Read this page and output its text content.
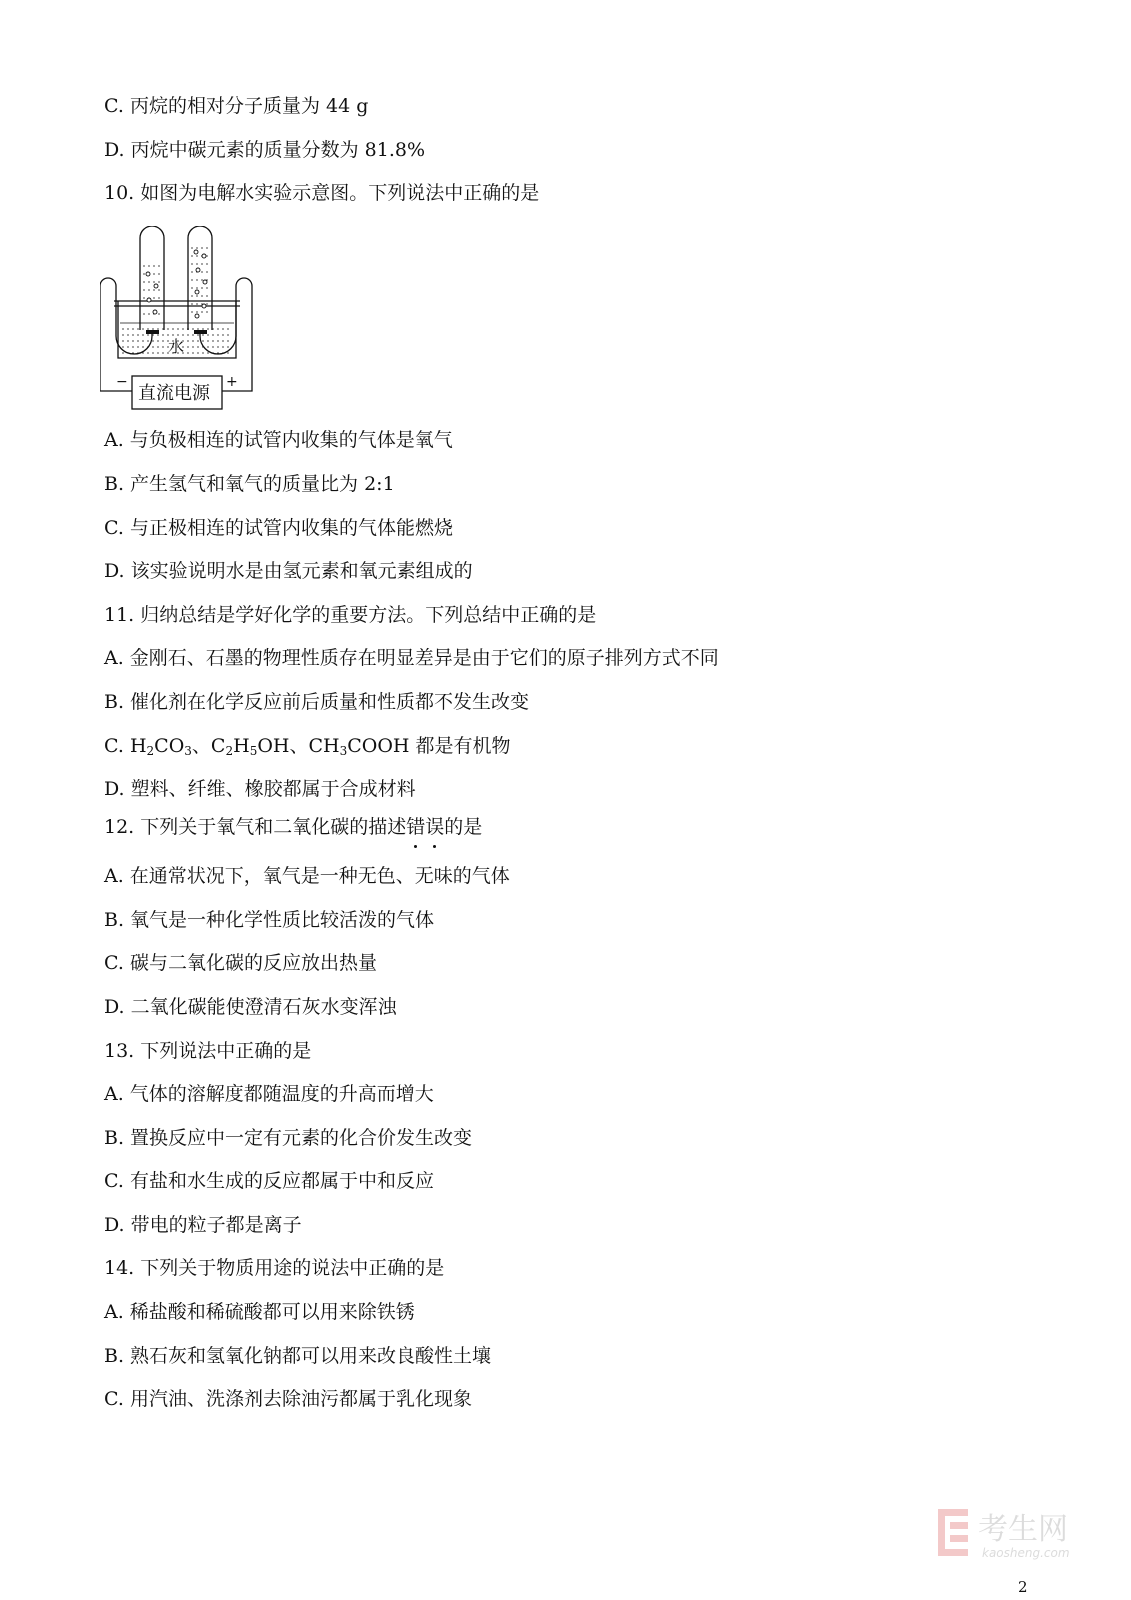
C. 丙烷的相对分子质量为 44 g
D. 丙烷中碳元素的质量分数为 81.8%
10. 如图为电解水实验示意图。下列说法中正确的是
水
−	+
直流电源
A. 与负极相连的试管内收集的气体是氧气
B. 产生氢气和氧气的质量比为 2:1
C. 与正极相连的试管内收集的气体能燃烧
D. 该实验说明水是由氢元素和氧元素组成的
11. 归纳总结是学好化学的重要方法。下列总结中正确的是
A. 金刚石、石墨的物理性质存在明显差异是由于它们的原子排列方式不同
B. 催化剂在化学反应前后质量和性质都不发生改变
C. $H_2CO_3$、$C_2H_5OH$、$CH_3COOH$ 都是有机物
D. 塑料、纤维、橡胶都属于合成材料
12. 下列关于氧气和二氧化碳的描述错误的是
A. 在通常状况下，氧气是一种无色、无味的气体
B. 氧气是一种化学性质比较活泼的气体
C. 碳与二氧化碳的反应放出热量
D. 二氧化碳能使澄清石灰水变浑浊
13. 下列说法中正确的是
A. 气体的溶解度都随温度的升高而增大
B. 置换反应中一定有元素的化合价发生改变
C. 有盐和水生成的反应都属于中和反应
D. 带电的粒子都是离子
14. 下列关于物质用途的说法中正确的是
A. 稀盐酸和稀硫酸都可以用来除铁锈
B. 熟石灰和氢氧化钠都可以用来改良酸性土壤
C. 用汽油、洗涤剂去除油污都属于乳化现象
考生网
kaosheng.com
2
